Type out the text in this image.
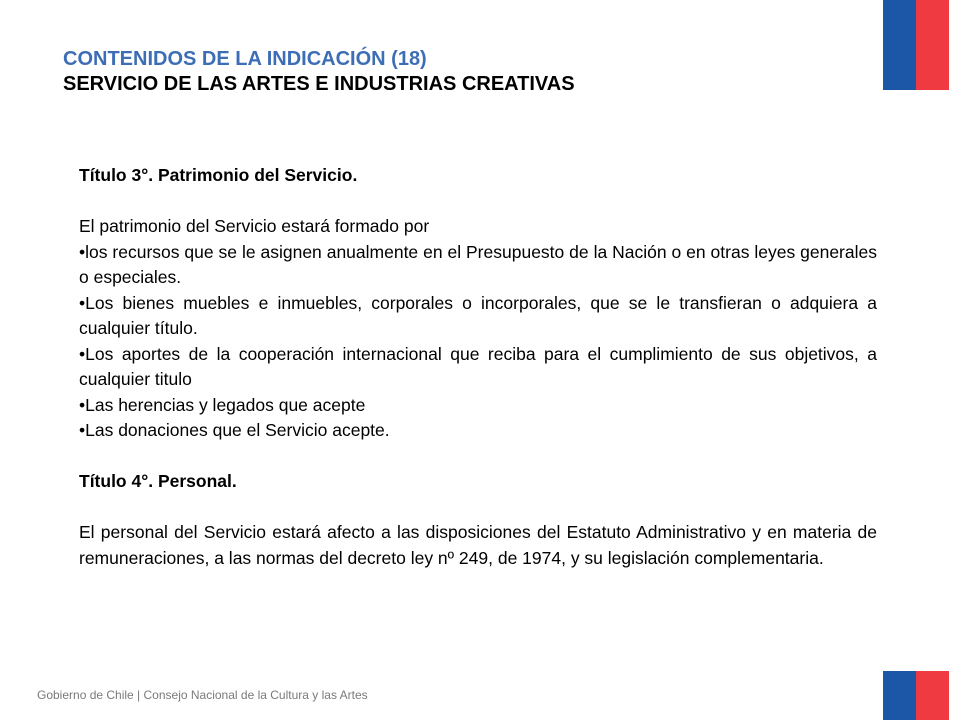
CONTENIDOS DE LA INDICACIÓN (18)
SERVICIO DE LAS ARTES E INDUSTRIAS CREATIVAS
Título 3°. Patrimonio del Servicio.
El patrimonio del Servicio estará formado por
•los recursos que se le asignen anualmente en el Presupuesto de la Nación o en otras leyes generales o especiales.
•Los bienes muebles e inmuebles, corporales o incorporales, que se le transfieran o adquiera a cualquier título.
•Los aportes de la cooperación internacional que reciba para el cumplimiento de sus objetivos, a cualquier titulo
•Las herencias y legados que acepte
•Las donaciones que el Servicio acepte.
Título 4°. Personal.
El personal del Servicio estará afecto a las disposiciones del Estatuto Administrativo y en materia de remuneraciones, a las normas del decreto ley nº 249, de 1974, y su legislación complementaria.
Gobierno de Chile | Consejo Nacional de la Cultura y las Artes
